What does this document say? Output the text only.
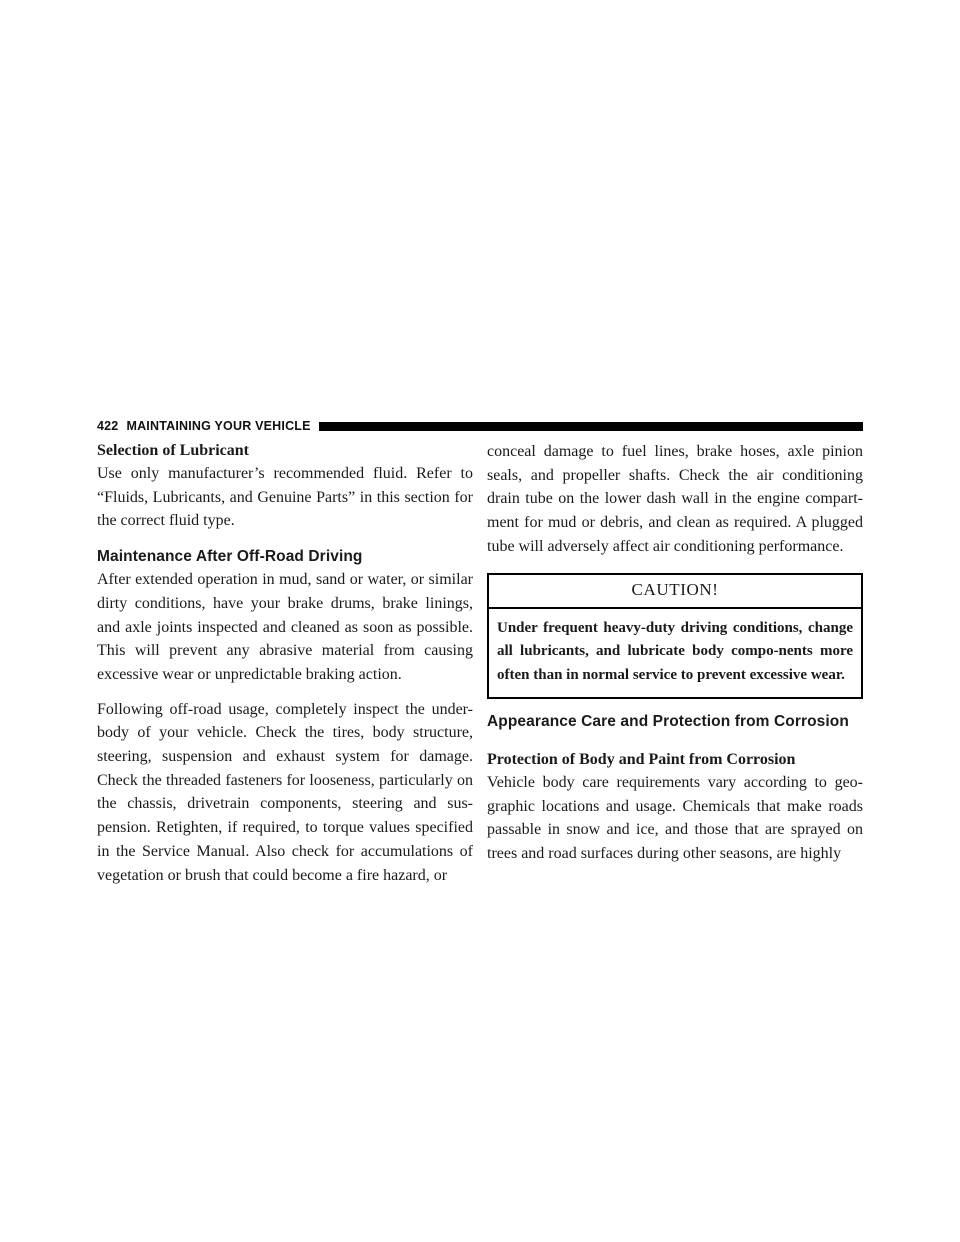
422 MAINTAINING YOUR VEHICLE
Selection of Lubricant

Use only manufacturer’s recommended fluid. Refer to “Fluids, Lubricants, and Genuine Parts” in this section for the correct fluid type.

Maintenance After Off-Road Driving

After extended operation in mud, sand or water, or similar dirty conditions, have your brake drums, brake linings, and axle joints inspected and cleaned as soon as possible. This will prevent any abrasive material from causing excessive wear or unpredictable braking action.

Following off-road usage, completely inspect the under-body of your vehicle. Check the tires, body structure, steering, suspension and exhaust system for damage. Check the threaded fasteners for looseness, particularly on the chassis, drivetrain components, steering and sus-pension. Retighten, if required, to torque values specified in the Service Manual. Also check for accumulations of vegetation or brush that could become a fire hazard, or

conceal damage to fuel lines, brake hoses, axle pinion seals, and propeller shafts. Check the air conditioning drain tube on the lower dash wall in the engine compart-ment for mud or debris, and clean as required. A plugged tube will adversely affect air conditioning performance.

CAUTION!
Under frequent heavy-duty driving conditions, change all lubricants, and lubricate body compo-nents more often than in normal service to prevent excessive wear.
Appearance Care and Protection from Corrosion
Protection of Body and Paint from Corrosion

Vehicle body care requirements vary according to geo-graphic locations and usage. Chemicals that make roads passable in snow and ice, and those that are sprayed on trees and road surfaces during other seasons, are highly
